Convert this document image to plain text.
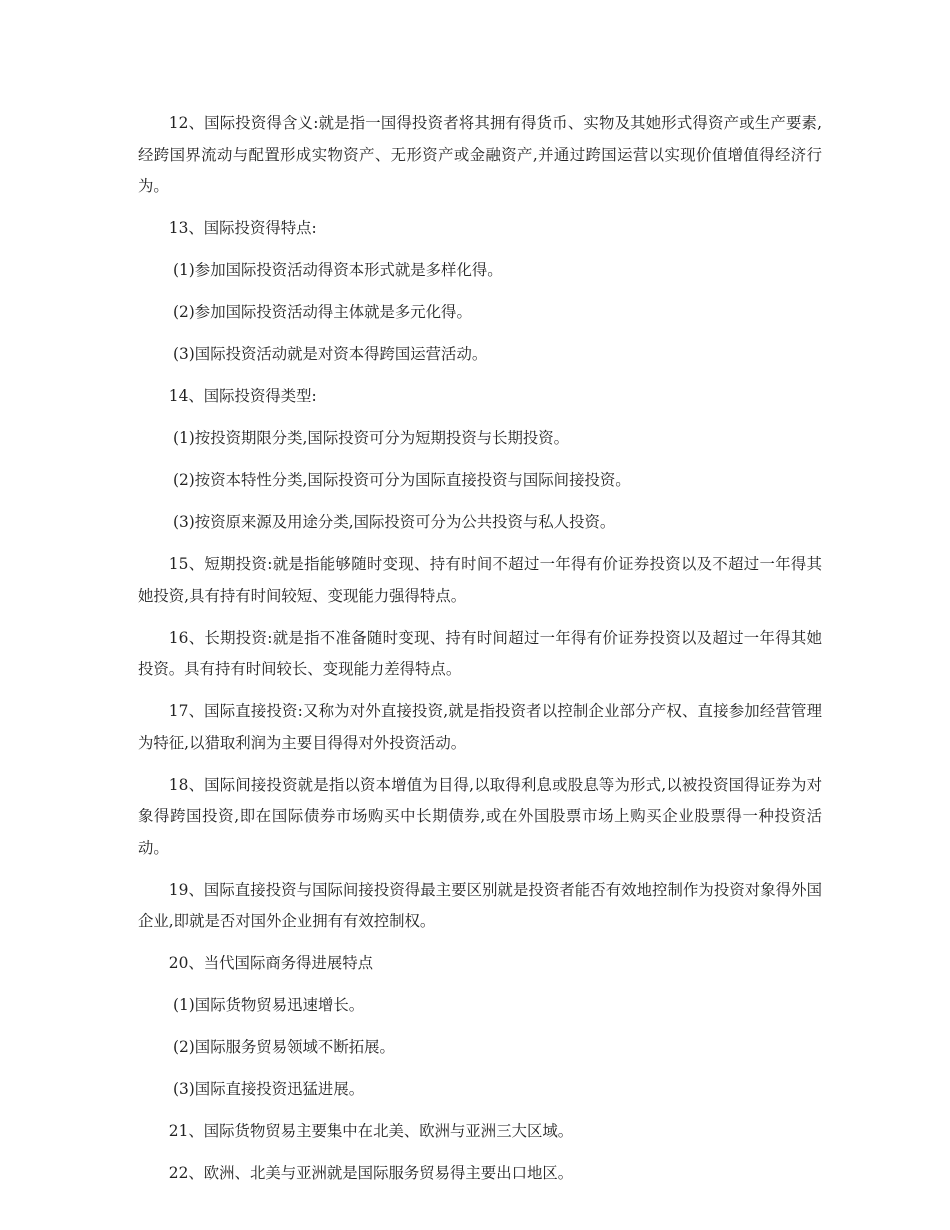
12、国际投资得含义:就是指一国得投资者将其拥有得货币、实物及其她形式得资产或生产要素,经跨国界流动与配置形成实物资产、无形资产或金融资产,并通过跨国运营以实现价值增值得经济行为。

13、国际投资得特点:

(1)参加国际投资活动得资本形式就是多样化得。

(2)参加国际投资活动得主体就是多元化得。

(3)国际投资活动就是对资本得跨国运营活动。

14、国际投资得类型:

(1)按投资期限分类,国际投资可分为短期投资与长期投资。

(2)按资本特性分类,国际投资可分为国际直接投资与国际间接投资。

(3)按资原来源及用途分类,国际投资可分为公共投资与私人投资。

15、短期投资:就是指能够随时变现、持有时间不超过一年得有价证券投资以及不超过一年得其她投资,具有持有时间较短、变现能力强得特点。

16、长期投资:就是指不准备随时变现、持有时间超过一年得有价证券投资以及超过一年得其她投资。具有持有时间较长、变现能力差得特点。

17、国际直接投资:又称为对外直接投资,就是指投资者以控制企业部分产权、直接参加经营管理为特征,以猎取利润为主要目得得对外投资活动。

18、国际间接投资就是指以资本增值为目得,以取得利息或股息等为形式,以被投资国得证券为对象得跨国投资,即在国际债券市场购买中长期债券,或在外国股票市场上购买企业股票得一种投资活动。

19、国际直接投资与国际间接投资得最主要区别就是投资者能否有效地控制作为投资对象得外国企业,即就是否对国外企业拥有有效控制权。

20、当代国际商务得进展特点

(1)国际货物贸易迅速增长。

(2)国际服务贸易领域不断拓展。

(3)国际直接投资迅猛进展。

21、国际货物贸易主要集中在北美、欧洲与亚洲三大区域。

22、欧洲、北美与亚洲就是国际服务贸易得主要出口地区。
